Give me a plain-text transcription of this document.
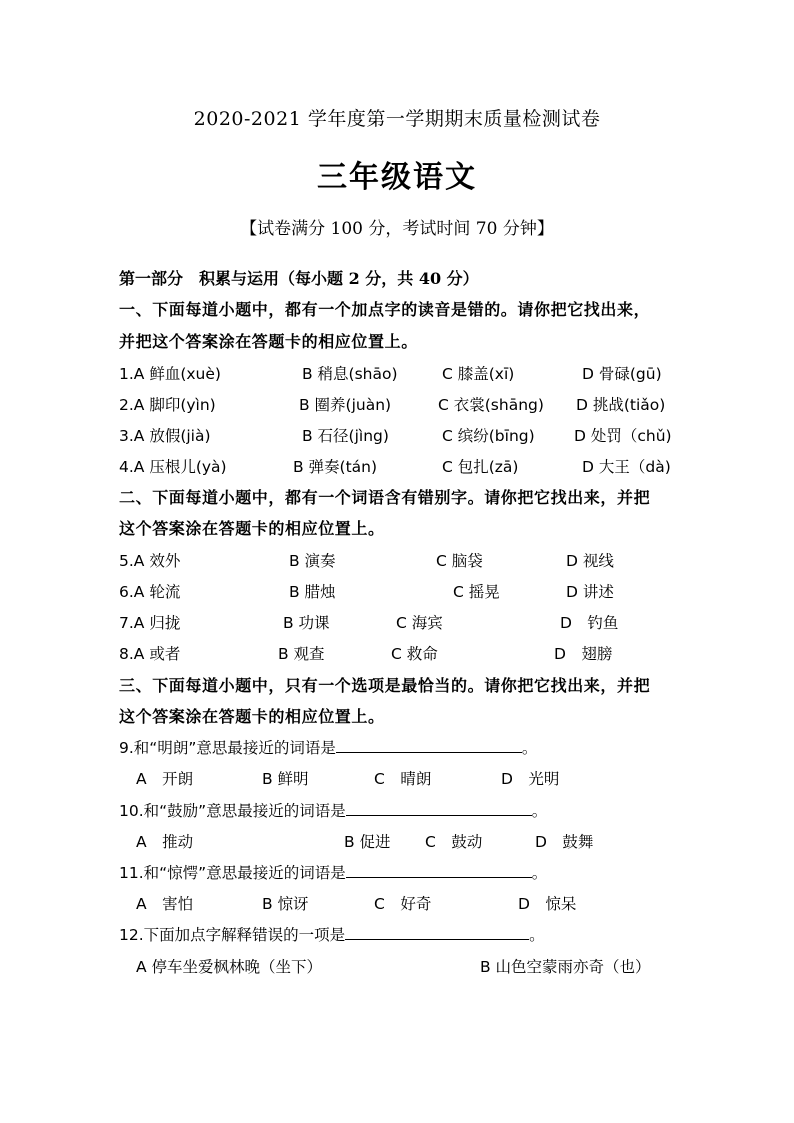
2020-2021 学年度第一学期期末质量检测试卷
三年级语文
【试卷满分 100 分，考试时间 70 分钟】
第一部分　积累与运用（每小题 2 分，共 40 分）
一、下面每道小题中，都有一个加点字的读音是错的。请你把它找出来，
并把这个答案涂在答题卡的相应位置上。
1.A 鲜血(xuè)	B 稍息(shāo)	C 膝盖(xī)	D 骨碌(gū)
2.A 脚印(yìn)	B 圈养(juàn)	C 衣裳(shāng) D 挑战(tiǎo)
3.A 放假(jià)	B 石径(jìng)	C 缤纷(bīng)	D 处罚（chǔ)
4.A 压根儿(yà)	B 弹奏(tán)	C 包扎(zā)	D 大王（dà)
二、下面每道小题中，都有一个词语含有错别字。请你把它找出来，并把
这个答案涂在答题卡的相应位置上。
5.A 效外	B 演奏	C 脑袋	D 视线
6.A 轮流	B 腊烛	C 摇晃	D 讲述
7.A 归拢	B 功课	C 海宾	D　钓鱼
8.A 或者	B 观查	C 救命	D　翅膀
三、下面每道小题中，只有一个选项是最恰当的。请你把它找出来，并把
这个答案涂在答题卡的相应位置上。
9.和“明朗”意思最接近的词语是	。
A　开朗	B 鲜明	C　晴朗	D　光明
10.和“鼓励”意思最接近的词语是	。
A　推动	B 促进 C　鼓动	D　鼓舞
11.和“惊愕”意思最接近的词语是	。
A　害怕	B 惊讶	C　好奇	D　惊呆
12.下面加点字解释错误的一项是	。
A 停车坐爱枫林晚（坐下）	B 山色空蒙雨亦奇（也）
